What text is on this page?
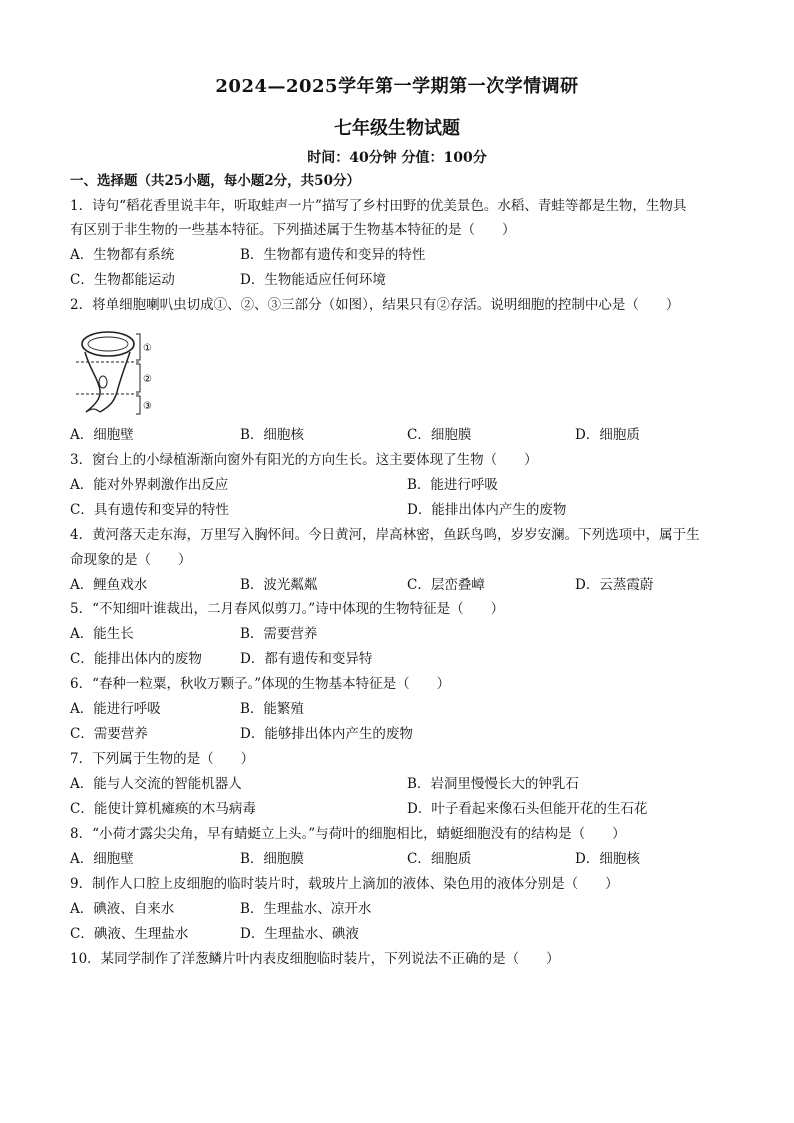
2024—2025学年第一学期第一次学情调研
七年级生物试题
时间：40分钟 分值：100分
一、选择题（共25小题，每小题2分，共50分）
1．诗句“稻花香里说丰年，听取蛙声一片”描写了乡村田野的优美景色。水稻、青蛙等都是生物，生物具
有区别于非生物的一些基本特征。下列描述属于生物基本特征的是（　　）
A．生物都有系统	B．生物都有遗传和变异的特性
C．生物都能运动	D．生物能适应任何环境
2．将单细胞喇叭虫切成①、②、③三部分（如图），结果只有②存活。说明细胞的控制中心是（　　）
①
②
③
A．细胞壁	B．细胞核	C．细胞膜	D．细胞质
3．窗台上的小绿植渐渐向窗外有阳光的方向生长。这主要体现了生物（　　）
A．能对外界刺激作出反应	B．能进行呼吸
C．具有遗传和变异的特性	D．能排出体内产生的废物
4．黄河落天走东海，万里写入胸怀间。今日黄河，岸高林密，鱼跃鸟鸣，岁岁安澜。下列选项中，属于生
命现象的是（　　）
A．鲤鱼戏水	B．波光粼粼	C．层峦叠嶂	D．云蒸霞蔚
5．“不知细叶谁裁出，二月春风似剪刀。”诗中体现的生物特征是（　　）
A．能生长	B．需要营养
C．能排出体内的废物	D．都有遗传和变异特
6．“春种一粒粟，秋收万颗子。”体现的生物基本特征是（　　）
A．能进行呼吸	B．能繁殖
C．需要营养	D．能够排出体内产生的废物
7．下列属于生物的是（　　）
A．能与人交流的智能机器人	B．岩洞里慢慢长大的钟乳石
C．能使计算机瘫痪的木马病毒	D．叶子看起来像石头但能开花的生石花
8．“小荷才露尖尖角，早有蜻蜓立上头。”与荷叶的细胞相比，蜻蜓细胞没有的结构是（　　）
A．细胞壁	B．细胞膜	C．细胞质	D．细胞核
9．制作人口腔上皮细胞的临时装片时，载玻片上滴加的液体、染色用的液体分别是（　　）
A．碘液、自来水	B．生理盐水、凉开水
C．碘液、生理盐水	D．生理盐水、碘液
10．某同学制作了洋葱鳞片叶内表皮细胞临时装片，下列说法不正确的是（　　）
